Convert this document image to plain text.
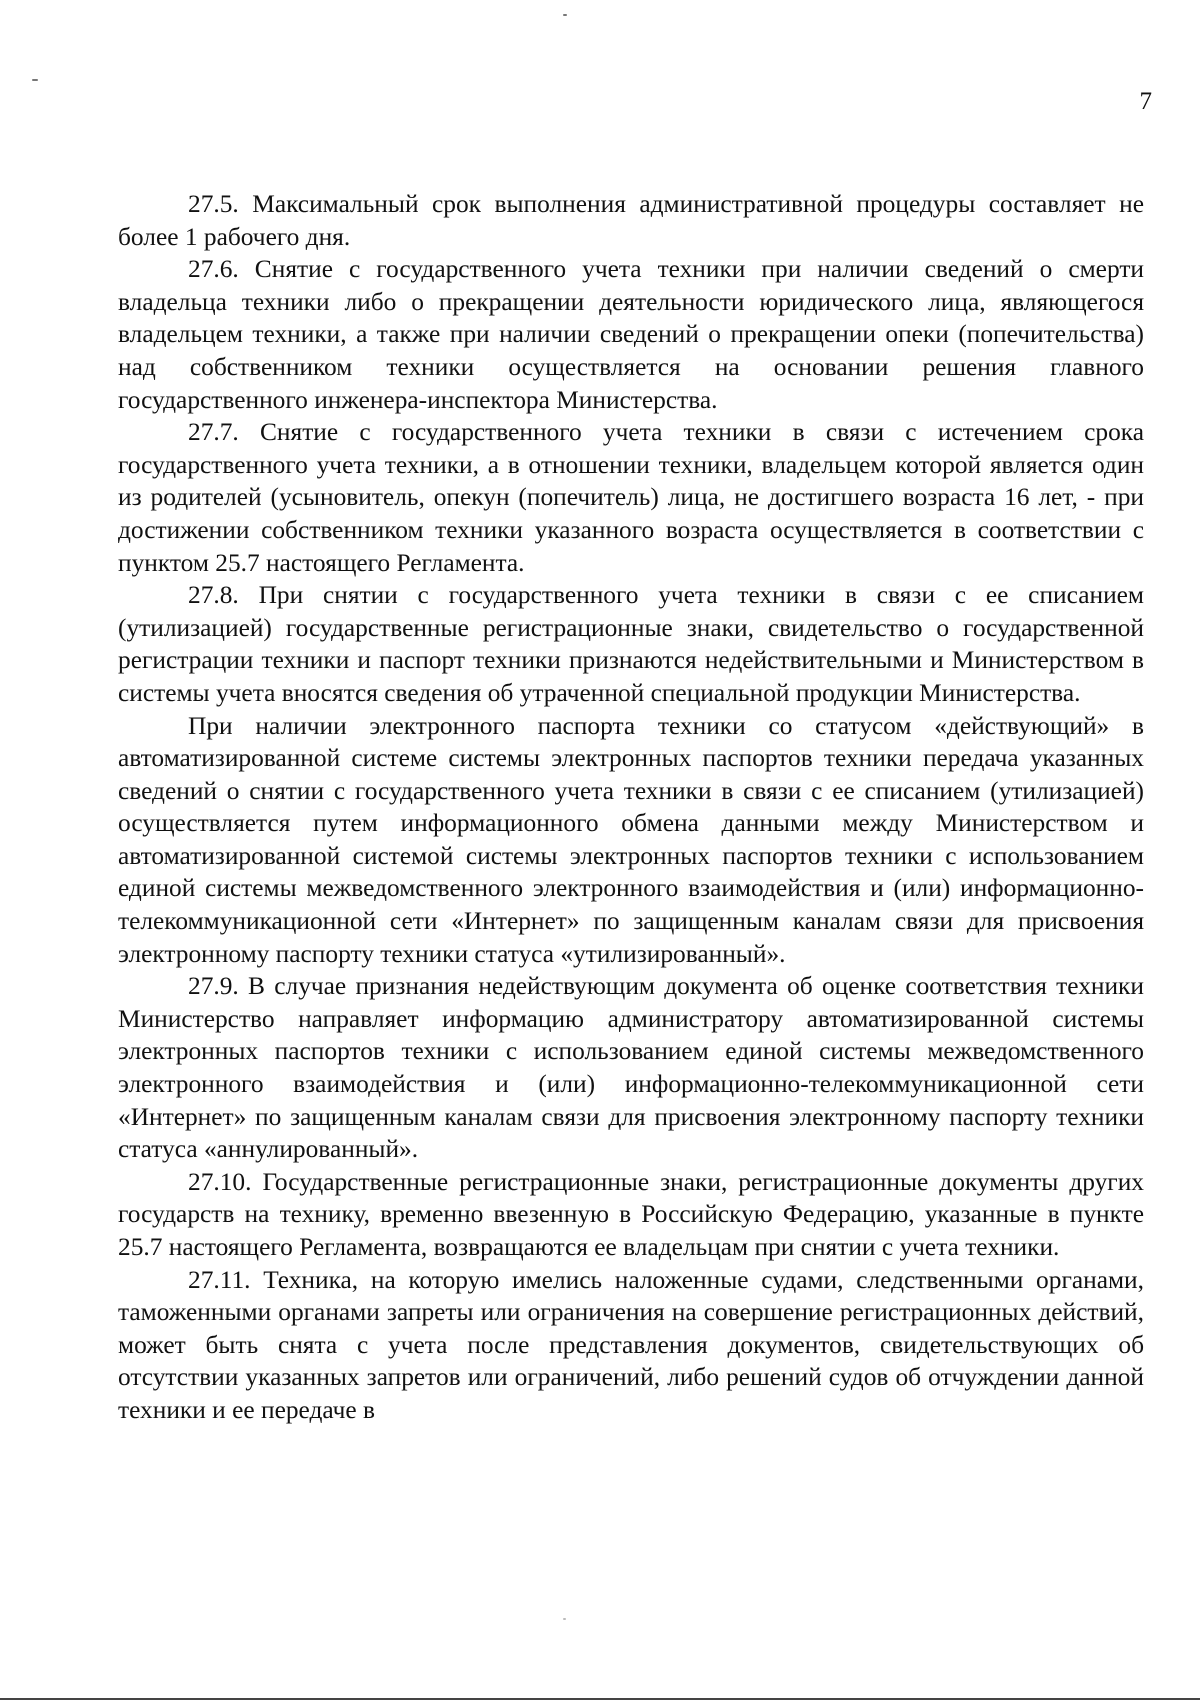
7

27.5. Максимальный срок выполнения административной процедуры составляет не более 1 рабочего дня.

27.6. Снятие с государственного учета техники при наличии сведений о смерти владельца техники либо о прекращении деятельности юридического лица, являющегося владельцем техники, а также при наличии сведений о прекращении опеки (попечительства) над собственником техники осуществляется на основании решения главного государственного инженера-инспектора Министерства.

27.7. Снятие с государственного учета техники в связи с истечением срока государственного учета техники, а в отношении техники, владельцем которой является один из родителей (усыновитель, опекун (попечитель) лица, не достигшего возраста 16 лет, - при достижении собственником техники указанного возраста осуществляется в соответствии с пунктом 25.7 настоящего Регламента.

27.8. При снятии с государственного учета техники в связи с ее списанием (утилизацией) государственные регистрационные знаки, свидетельство о государственной регистрации техники и паспорт техники признаются недействительными и Министерством в системы учета вносятся сведения об утраченной специальной продукции Министерства.

При наличии электронного паспорта техники со статусом «действующий» в автоматизированной системе системы электронных паспортов техники передача указанных сведений о снятии с государственного учета техники в связи с ее списанием (утилизацией) осуществляется путем информационного обмена данными между Министерством и автоматизированной системой системы электронных паспортов техники с использованием единой системы межведомственного электронного взаимодействия и (или) информационно-телекоммуникационной сети «Интернет» по защищенным каналам связи для присвоения электронному паспорту техники статуса «утилизированный».

27.9. В случае признания недействующим документа об оценке соответствия техники Министерство направляет информацию администратору автоматизированной системы электронных паспортов техники с использованием единой системы межведомственного электронного взаимодействия и (или) информационно-телекоммуникационной сети «Интернет» по защищенным каналам связи для присвоения электронному паспорту техники статуса «аннулированный».

27.10. Государственные регистрационные знаки, регистрационные документы других государств на технику, временно ввезенную в Российскую Федерацию, указанные в пункте 25.7 настоящего Регламента, возвращаются ее владельцам при снятии с учета техники.

27.11. Техника, на которую имелись наложенные судами, следственными органами, таможенными органами запреты или ограничения на совершение регистрационных действий, может быть снята с учета после представления документов, свидетельствующих об отсутствии указанных запретов или ограничений, либо решений судов об отчуждении данной техники и ее передаче в
